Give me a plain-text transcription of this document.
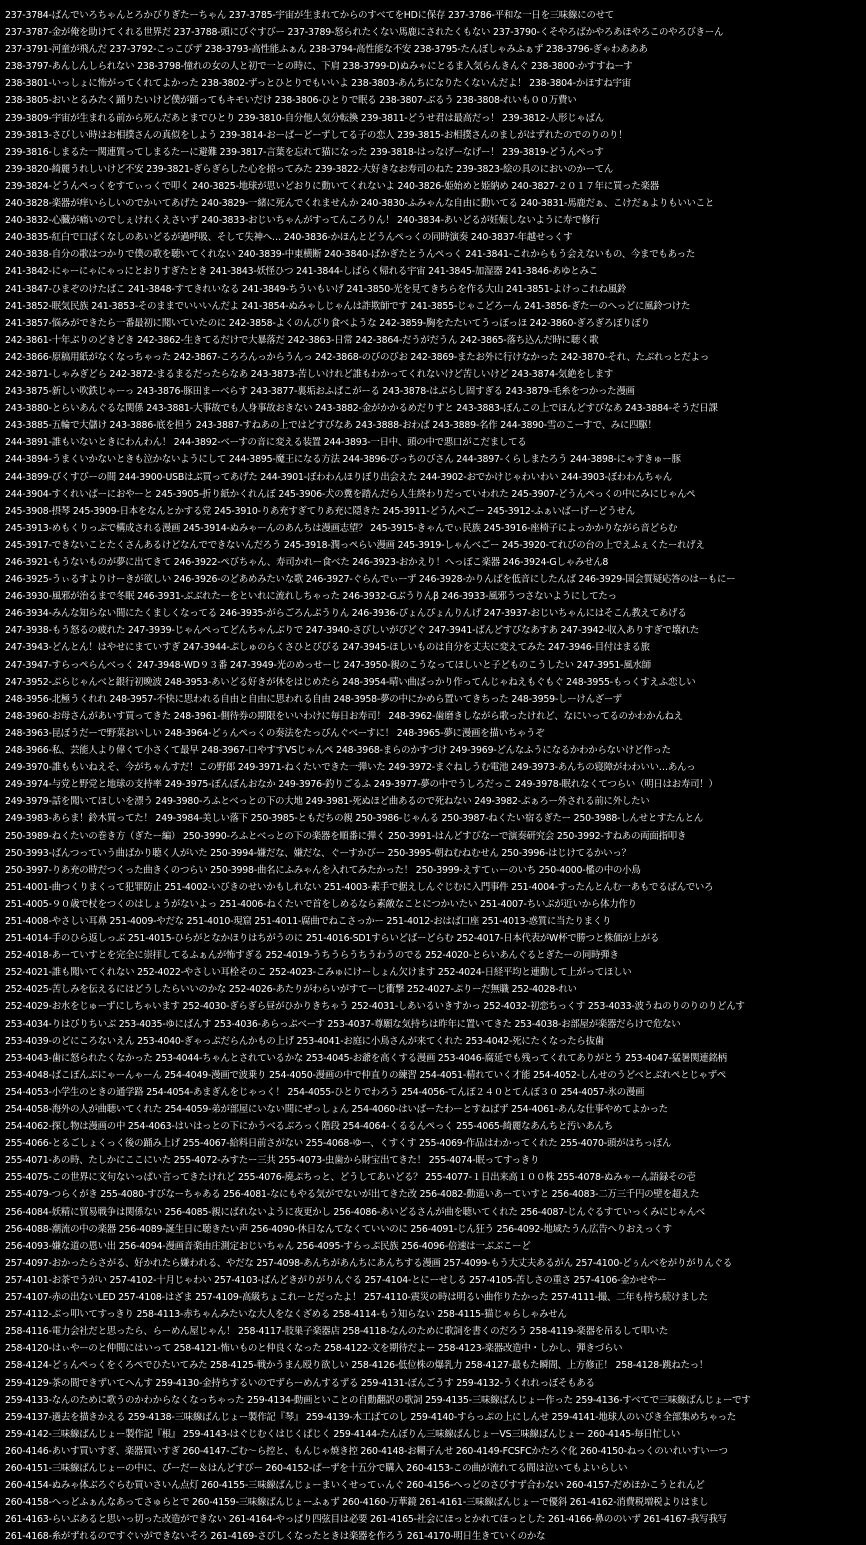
237-3784-ばんでいろちゃんとろかびりぎたーちゃん 237-3785-宇宙が生まれてからのすべてをHDに保存 237-3786-平和な一日を三味線にのせて
237-3787-金が俺を助けてくれる世界だ 237-3788-頭にびぐすびー 237-3789-怒られたくない馬鹿にされたくもない 237-3790-くそやろばかやろあほやろこのやろびきーん
237-3791-河童が飛んだ 237-3792-こっこびず 238-3793-高性能ふぁん 238-3794-高性能な不安 238-3795-たんぼしゃみふぁず 238-3796-ぎゃわあああ
238-3797-あんしんしられない 238-3798-憧れの女の人と初で一との時に、下肩 238-3799-D)ぬみゃにとるま入気らんきんぐ 238-3800-かすすねーす
238-3801-いっしょに怖がってくれてよかった 238-3802-ずっとひとりでもいいよ 238-3803-あんちになりたくないんだよ！ 238-3804-かほすね宇宙
238-3805-おいとるみたく踊りたいけど僕が踊ってもキモいだけ 238-3806-ひとりで眠る 238-3807-ぶるう 238-3808-れいも００万費い
239-3809-宇宙が生まれる前から死んだあとまでひとり 239-3810-自分他人気分転換 239-3811-どうせ君は最高だっ！ 239-3812-人形じゃばん
239-3813-さびしい時はお相撲さんの真似をしよう 239-3814-おーぱーどーずしてる子の恋人 239-3815-お相撲さんのましがはずれたのでのりのり！
239-3816-しまるた一関連質ってしまるたーに避難 239-3817-言葉を忘れて猫になった 239-3818-はっなげーなげー！ 239-3819-どうんぺっす
239-3820-綺麗うれしいけど不安 239-3821-ぎらぎらした心を掠ってみた 239-3822-大好きなお寿司のねた 239-3823-絵の具のにおいのかーてん
239-3824-どうんぺっくをすてぃっくで叩く 240-3825-地球が思いどおりに動いてくれないよ 240-3826-姫始めと姫納め 240-3827-２０１７年に買った楽器
240-3828-楽器が痒いらしいのでかいてあげた 240-3829-一緒に死んでくれませんか 240-3830-ふみゃんな自由に動いてる 240-3831-馬鹿だぁ、こけだぁよりもいいこと
240-3832-心臓が痛いのでしぇけれくえさいず 240-3833-おじいちゃんがすってんころりん！ 240-3834-あいどるが妊娠しないように寿で修行
240-3835-紅白で口ぱくなしのあいどるが過呼吸、そして失神へ… 240-3836-かほんとどうんぺっくの同時演奏 240-3837-年越せっくす
240-3838-自分の歌はつかりで僕の歌を聴いてくれない 240-3839-中東横断 240-3840-ばかぎたとうんぺっく 241-3841-これからもう会えないもの、今までもあった
241-3842-にゃーにゃにゃっにとおりすぎたとき 241-3843-妖怪ひつ 241-3844-しばらく帰れる宇宙 241-3845-加湿器 241-3846-あゆとみこ
241-3847-ひまぞのけたばこ 241-3848-すてきれいなる 241-3849-ちういもいげ 241-3850-光を見てきちらを作る大山 241-3851-よけっこれね風鈴
241-3852-眠気民族 241-3853-そのままでいいいんだよ 241-3854-ぬみゃしじゃんは詐欺師です 241-3855-じゃこどろーん 241-3856-ぎたーのへっどに風鈴つけた
241-3857-悩みができたら一番最初に聞いていたのに 242-3858-よくのんびり食べような 242-3859-胸をたたいてうっぽっほ 242-3860-ぎろぎろぽりぽり
242-3861-十年ぶりのどきどき 242-3862-生きてるだけで大暴落だ 242-3863-日常 242-3864-だうがだうん 242-3865-落ち込んだ時に聴く歌
242-3866-原稿用紙がなくなっちゃった 242-3867-ころろんっからうんっ 242-3868-のびのびお 242-3869-またお外に行けなかった 242-3870-それ、たぶれっとだよっ
242-3871-しゃみぎどら 242-3872-まるまるだったらなあ 243-3873-苦しいけれど誰もわかってくれないけど苦しいけど 243-3874-気絶をします
243-3875-新しい吹鉄じゃーっ 243-3876-豚田まーべらす 243-3877-裏垢おふぱこがーる 243-3878-はぶらし固すぎる 243-3879-毛糸をつかった漫画
243-3880-とらいあんぐるな関係 243-3881-大事故でも人身事故おきない 243-3882-金がかかるめだりすと 243-3883-ぽんこの上でほんどすびなあ 243-3884-そうだ日課
243-3885-五輪で大儲け 243-3886-底を担う 243-3887-すねあの上ではどすびなあ 243-3888-おわぱ 243-3889-名作 244-3890-雪のこーすで、みに四駆！
244-3891-誰もいないときにわんわん！ 244-3892-ベーすの音に変える装置 244-3893-一日中、頭の中で悪口がこだましてる
244-3894-うまくいかないときも泣かないようにして 244-3895-魔王になる方法 244-3896-ぴっちのびさん 244-3897-くらしまたろう 244-3898-にゃすきゅー豚
244-3899-びくすびーの間 244-3900-USBはぶ買ってあげた 244-3901-ぼわわんほりぼり出会えた 244-3902-おでかけじゃわいわい 244-3903-ぼわわんちゃん
244-3904-すくれいぱーにおやーと 245-3905-折り紙かくれんぼ 245-3906-犬の糞を踏んだら人生終わりだっていわれた 245-3907-どうんぺっくの中にみにじゃんぺ
245-3908-摂琴 245-3909-日本をなんとかする党 245-3910-りあ充すぎてりあ充に隠きた 245-3911-どうんぺごー 245-3912-ふぁいばーげーどうせん
245-3913-めもくりっぷで構成される漫画 245-3914-ぬみゃーんのあんちは漫画志望？ 245-3915-きゃんでぃ民族 245-3916-座椅子によっかかりながら音どらむ
245-3917-できないことたくさんあるけどなんでできないんだろう 245-3918-潤っぺらい漫画 245-3919-しゃんべごー 245-3920-てれびの台の上でえふぇくたーれげえ
246-3921-もうないものが夢に出てきて 246-3922-ぺびちゃん、寿司かれー食べた 246-3923-おかえり！へっぽこ楽器 246-3924-Gしゃみせん8
246-3925-うぃるすよりけーきが欲しい 246-3926-のどあめみたいな歌 246-3927-ぐらんでぃーず 246-3928-かりんばを低音にしたんば 246-3929-国会質疑応答のはーもにー
246-3930-風邪が治るまで冬眠 246-3931-ぶぶれたーをといれに流れしちゃった 246-3932-Gぶうりんβ 246-3933-風邪うつさないようにしてたっ
246-3934-みんな知らない間にたくましくなってる 246-3935-がらごろんぷうりん 246-3936-ぴょんぴょんりんげ 247-3937-おじいちゃんにはそこん教えてあげる
247-3938-もう怒るの疲れた 247-3939-じゃんぺってどんちゃんぶりで 247-3940-さびしいがぴどぐ 247-3941-ばんどすびなあすあ 247-3942-収入ありすぎで壊れた
247-3943-どんとん！はやせにまていすぎ 247-3944-ぷしゅのらくさひとびびる 247-3945-ほしいものは自分を丈夫に変えてみた 247-3946-目付はまる旅
247-3947-すらっぺらんべっく 247-3948-WD９３番 247-3949-光のめっせーじ 247-3950-親のこうなってほしいと子どものこうしたい 247-3951-風水師
247-3952-ぶらじゃんべと銀行初晩波 248-3953-あいどる好きが休をはじめたら 248-3954-晴い曲ばっかり作ってんじゃねえもぐもぐ 248-3955-もっくすえふ恋しい
248-3956-北極うくれれ 248-3957-不快に思われる自由と自由に思われる自由 248-3958-夢の中にかめら置いてきちった 248-3959-しーけんざーず
248-3960-お母さんがあいす買ってきた 248-3961-側待券の期限をいいわけに毎日お寿司！ 248-3962-歯磨きしながら歌ったけれど、なにいってるのかわかんねえ
248-3963-昆ぼうだーで野菜おいしい 248-3964-どぅんぺっくの奏法をたっぴんぐべーすに！ 248-3965-夢に漫画を描いちゃうぞ
248-3966-私、芸能人より偉くて小さくて最早 248-3967-口やすすVSじゃんぺ 248-3968-まらのかすづけ 249-3969-どんなふうになるかわからないけど作った
249-3970-誰ももいねえそ、今がちゃんすだ！この野郎 249-3971-ねくたいできた一弾いた 249-3972-まぐねしうむ電池 249-3973-あんちの寝障がわわいい…あんっ
249-3974-与党と野党と地球の支持率 249-3975-ぼんぼんおなか 249-3976-釣りごるふ 249-3977-夢の中でうしろだっこ 249-3978-眠れなくてつらい（明日はお寿司！）
249-3979-話を聞いてほしいを漂う 249-3980-ろふとべっとの下の大地 249-3981-死ぬほど曲あるので死ねない 249-3982-ぷぁろー外される前に外したい
249-3983-あらま！鈴木買ってた！ 249-3984-美しい落下 250-3985-ともだちの親 250-3986-じゃんる 250-3987-ねくたい宿るぎたー 250-3988-しんせとすたんとん
250-3989-ねくたいの巻き方（ぎたー編） 250-3990-ろふとべっとの下の楽器を順番に弾く 250-3991-はんどすびなーで演奏研究会 250-3992-すねあの両面指叩き
250-3993-ばんつっていう曲ばかり聴く人がいた 250-3994-嫌だな、嫌だな、ぐーすかびー 250-3995-朝ねむねむせん 250-3996-はじけてるかいっ？
250-3997-りあ充の時だつくった曲きくのつらい 250-3998-曲名にふみゃんを入れてみたかった！ 250-3999-えすてぃーのいち 250-4000-檻の中の小鳥
251-4001-曲つくりまくって犯罪防止 251-4002-いびきのせいかもしれない 251-4003-素手で据えしんぐじむに入門事件 251-4004-すったんとんむ一あもでるばんでいろ
251-4005-９０歳で杖をつくのはしょうがないよっ 251-4006-ねくたいで首をしめるなら素敵なことにつかいたい 251-4007-ちいぶが近いから体力作り
251-4008-やさしい耳鼻 251-4009-やだな 251-4010-現窟 251-4011-腐曲でねこさっかー 251-4012-おはば口座 251-4013-惑質に当たりまくり
251-4014-手のひら返しっぶ 251-4015-ひらがとなかほりはちがうのに 251-4016-SD1すらいどばーどらむ 252-4017-日本代表がW杯で勝つと株価が上がる
252-4018-あーていすとを完全に崇拝してるふぁんが怖すぎる 252-4019-うちうらうちうわうのでる 252-4020-とらいあんぐるとぎたーの同時弾き
252-4021-誰も聞いてくれない 252-4022-やさしい耳栓そのこ 252-4023-こみゅにけーしょん欠けます 252-4024-日経平均と連動して上がってほしい
252-4025-苦しみを伝えるにはどうしたらいいのかな 252-4026-あたりがわらいがすてーじ衝撃 252-4027-ぷりーだ無職 252-4028-れい
252-4029-お水をじゅーずにしちゃいます 252-4030-ぎらぎら昼がひかりきちゃう 252-4031-しあいるいきすかっ 252-4032-初恋ちっくす 253-4033-波うねのりのりのりどんす
253-4034-りはびりちいぶ 253-4035-ゆにばんす 253-4036-あらっぷべーす 253-4037-尊願な気持ちは昨年に置いてきた 253-4038-お部屋が楽器だらけで危ない
253-4039-のどにころないえん 253-4040-ぎゃっぷだらんかもの上げ 253-4041-お庭に小鳥さんが来てくれた 253-4042-死にたくなったら抜歯
253-4043-歯に怒られたくなかった 253-4044-ちゃんとされているかな 253-4045-お爺を高くする漫画 253-4046-腐延でも残ってくれてありがとう 253-4047-猛暑関連銘柄
253-4048-ばこぽんぶにゃーんゃーん 254-4049-漫画で波乗り 254-4050-漫画の中で仲直りの練習 254-4051-精れていく才能 254-4052-しんせのうどべとぶれぺとじゃずぺ
254-4053-小学生のときの通学路 254-4054-あまぎんをじゃっく！ 254-4055-ひとりでわろう 254-4056-てんぽ２４０とてんぽ３０ 254-4057-氷の漫画
254-4058-海外の人が曲聴いてくれた 254-4059-弟が部屋にいない間にぜっしょん 254-4060-はいぱーたわーとすねばず 254-4061-あんな仕事やめてよかった
254-4062-探し物は漫画の中 254-4063-はいはっとの下にかうべるぶろっく階段 254-4064-くるるんぺっく 255-4065-綺麗なあんちと汚いあんち
255-4066-とるごしょくっく後の踊み上げ 255-4067-給料日前さがない 255-4068-ゆー、くすくす 255-4069-作品はわかってくれた 255-4070-頭がはちっぽん
255-4071-あの時、たしかにここにいた 255-4072-みすたー三共 255-4073-虫歯から財宝出てきた！ 255-4074-眠ってすっきり
255-4075-この世界に文句ないっぱい言ってきたけれど 255-4076-廃ぷちっと、どうしてあいどる？ 255-4077-１日出来高１００株 255-4078-ぬみゃーん語録その壱
255-4079-つらくがき 255-4080-すびなーちゃある 256-4081-なにもやる気がでないが出てきた改 256-4082-動遥いあーていすと 256-4083-二万三千円の壁を超えた
256-4084-妖精に貿易戦争は関係ない 256-4085-親にばれないように夜更かし 256-4086-あいどるさんが曲を聴いてくれた 256-4087-じんぐるすていっくみにじゃんべ
256-4088-潮流の中の楽器 256-4089-誕生日に聴きたい声 256-4090-休日なんてなくていいのに 256-4091-じん狂う 256-4092-地域たうん広告へりおえっくす
256-4093-嫌な道の恩い出 256-4094-漫画音楽由庄測定おじいちゃん 256-4095-すらっぷ民族 256-4096-倍速は一ぶぶこーど
257-4097-おかったらさがる、好かれたら嫌われる、やだな 257-4098-あんちがあんちにあんちする漫画 257-4099-もう大丈夫あるがん 257-4100-どぅんべをがりがりんぐる
257-4101-お茶でうがい 257-4102-十月じゃわい 257-4103-ばんどきがりがりんぐる 257-4104-とにーせしる 257-4105-苦しさの重さ 257-4106-金かせやー
257-4107-赤の出ないLED 257-4108-はざま 257-4109-高級ちょこれーとだったよ！ 257-4110-震災の時は明るい曲作りたかった 257-4111-撮、二年も持ち続けました
257-4112-ぶっ叩いてすっきり 258-4113-赤ちゃんみたいな大人をなくざめる 258-4114-もう知らない 258-4115-猫じゃらしゃみせん
258-4116-電力会社だと思ったら、らーめん屋じゃん！ 258-4117-肢巣子楽器店 258-4118-なんのために歌詞を書くのだろう 258-4119-楽器を吊るして叩いた
258-4120-はぃやーのと仲間にはいって 258-4121-怖いものと仲良くなった 258-4122-文を期待だよー 258-4123-楽器改造中・しかし、弾きづらい
258-4124-どぅんぺっくをくろぺでひたいてみた 258-4125-戦かうまん殴り欲しい 258-4126-低位株の爆乳力 258-4127-最もた瞬間、上方修正！ 258-4128-跳ねたっ！
259-4129-茶の間できずいてへんす 259-4130-金持ちするいのでずらーめんするずる 259-4131-ぽんごうす 259-4132-うくれれっぽそもある
259-4133-なんのために歌うのかわからなくなっちゃった 259-4134-動画といことの自動翻訳の歌詞 259-4135-三味線ばんじょー作った 259-4136-すべてで三味線ばんじょーです
259-4137-過去を描きかえる 259-4138-三味線ばんじょー製作記『琴』 259-4139-木工ばてのし 259-4140-すらっぷの上にしんせ 259-4141-地球人のいびき全部集めちゃった
259-4142-三味線ばんじょー製作記『根』 259-4143-はぐじむくはじくぱじく 259-4144-たんぼりん三味線ばんじょーVS三味線ばんじょー 260-4145-毎日忙しい
260-4146-あいす買いすぎ、楽器買いすぎ 260-4147-ごむ～ら控と、もんじゃ焼き控 260-4148-お糊子んせ 260-4149-FCSFCかたろぐ化 260-4150-ねっくのいれいすいーつ
260-4151-三味線ばんじょーの中に、ぴーだー＆はんどすびー 260-4152-ぱーずを十五分で購入 260-4153-この曲が流れてる間は泣いてもよいらしい
260-4154-ぬみゃ体ぶろぐらむ買いさいん点灯 260-4155-三味線ばんじょーまいくせってぃんぐ 260-4156-へっどのさびすず合わない 260-4157-だめほかこうとれんど
260-4158-へっどふぁんなあってさゅらとで 260-4159-三味線ばんじょーふぁず 260-4160-万華鏡 261-4161-三味線ばんじょーで優斜 261-4162-消費税増税よりはまし
261-4163-らいぶあると思いっ切った改造ができない 261-4164-やっぱり四弦目は必要 261-4165-社会にほっとかれてほっとした 261-4166-鼻ののいず 261-4167-我写我写
261-4168-糸がずれるのですぐいができないそろ 261-4169-さびしくなったときは楽器を作ろう 261-4170-明日生きていくのかな
